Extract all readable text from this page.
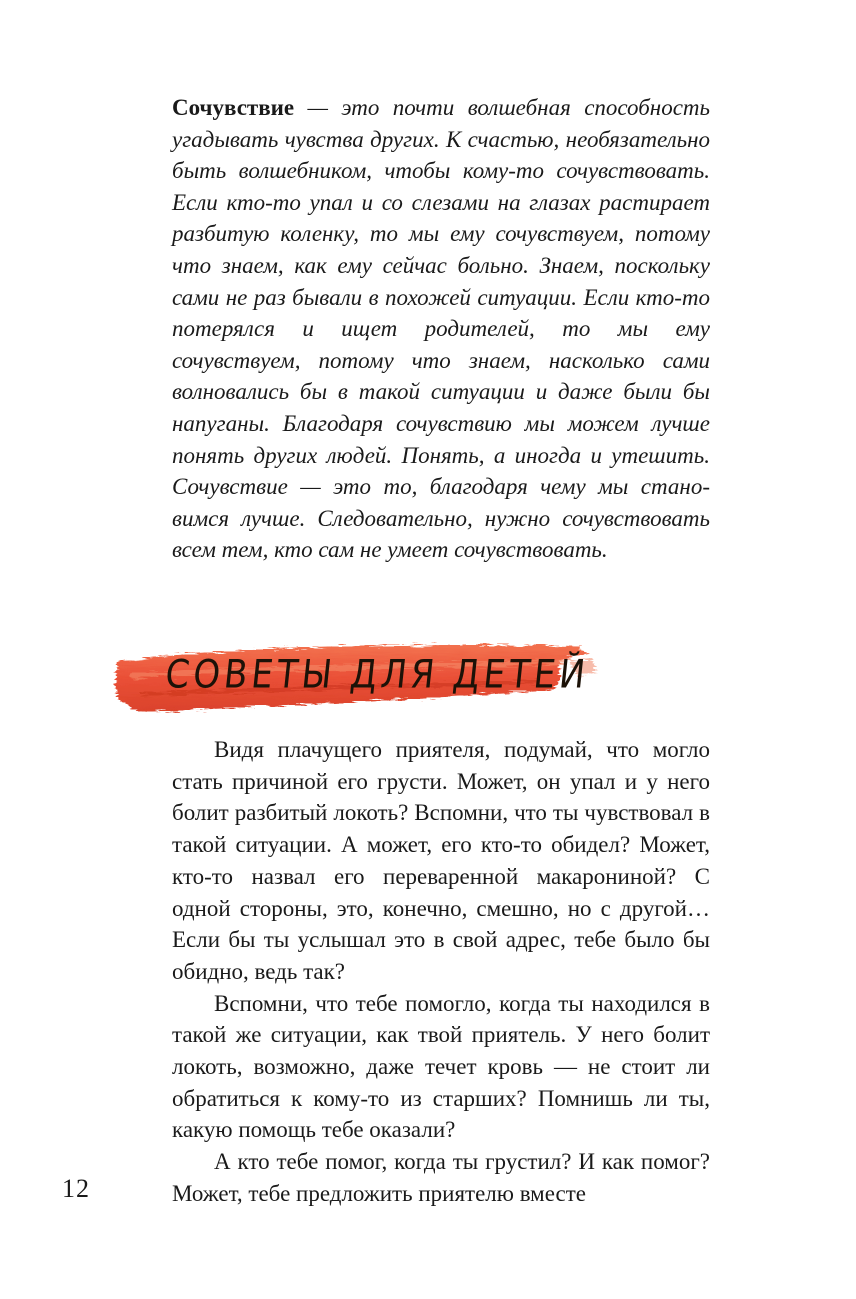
Сочувствие — это почти волшебная способность угадывать чувства других. К счастью, необязательно быть волшебником, чтобы кому-то сочувствовать. Если кто-то упал и со слезами на глазах растирает разбитую коленку, то мы ему сочувствуем, потому что знаем, как ему сейчас больно. Знаем, поскольку сами не раз бывали в похожей ситуации. Если кто-то потерялся и ищет родителей, то мы ему сочувствуем, потому что знаем, насколько сами волновались бы в такой ситуации и даже были бы напуганы. Благодаря сочувствию мы можем лучше понять других людей. Понять, а иногда и утешить. Сочувствие — это то, благодаря чему мы становимся лучше. Следовательно, нужно сочувствовать всем тем, кто сам не умеет сочувствовать.
СОВЕТЫ ДЛЯ ДЕТЕЙ

Видя плачущего приятеля, подумай, что могло стать причиной его грусти. Может, он упал и у него болит разбитый локоть? Вспомни, что ты чувствовал в такой ситуации. А может, его кто-то обидел? Может, кто-то назвал его переваренной макарониной? С одной стороны, это, конечно, смешно, но с другой… Если бы ты услышал это в свой адрес, тебе было бы обидно, ведь так?

Вспомни, что тебе помогло, когда ты находился в такой же ситуации, как твой приятель. У него болит локоть, возможно, даже течет кровь — не стоит ли обратиться к кому-то из старших? Помнишь ли ты, какую помощь тебе оказали?

А кто тебе помог, когда ты грустил? И как помог? Может, тебе предложить приятелю вместе

12
